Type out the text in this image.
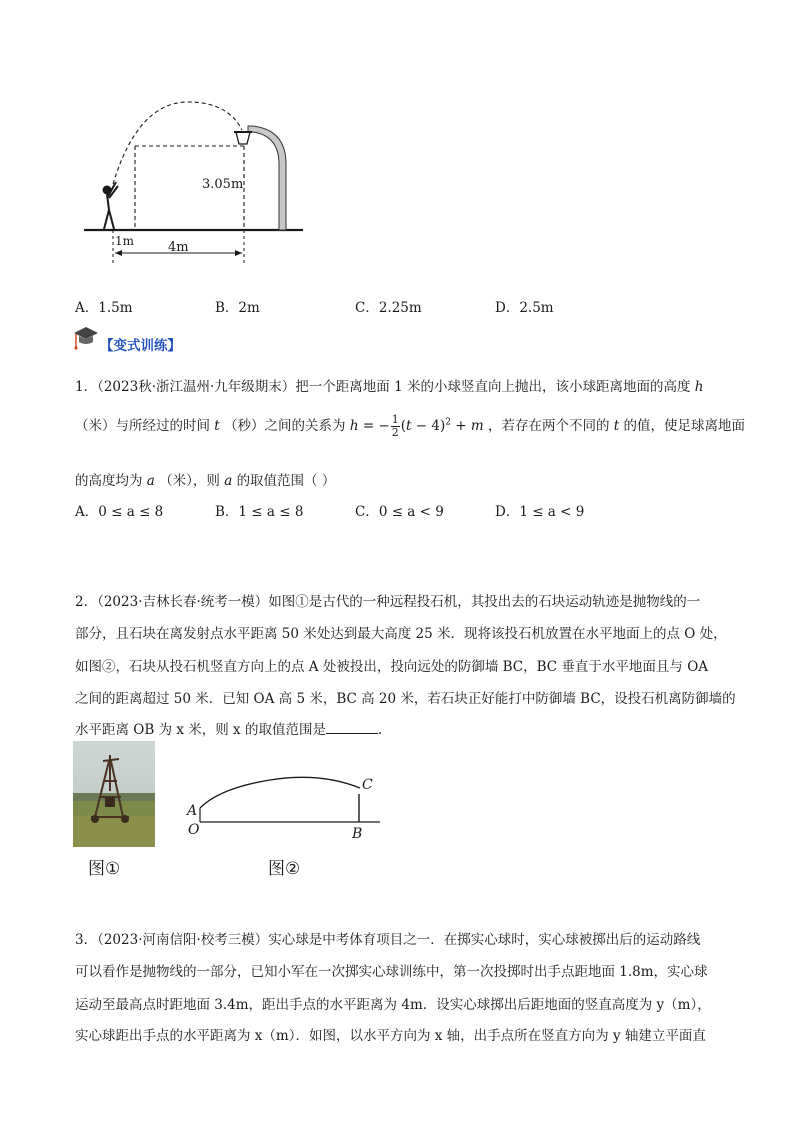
3.05m
1m	4m
A．1.5m	B．2m	C．2.25m	D．2.5m
【变式训练】
1．（2023秋·浙江温州·九年级期末）把一个距离地面 1 米的小球竖直向上抛出，该小球距离地面的高度 h
（米）与所经过的时间 t （秒）之间的关系为 h = − $\frac{1}{2} (t - 4)^2 + m$ ，若存在两个不同的 t 的值，使足球离地面
的高度均为 a （米），则 a 的取值范围（ ）
A．0 ≤ a ≤ 8	B．1 ≤ a ≤ 8	C．0 ≤ a < 9	D．1 ≤ a < 9
2．（2023·吉林长春·统考一模）如图①是古代的一种远程投石机，其投出去的石块运动轨迹是抛物线的一
部分，且石块在离发射点水平距离 50 米处达到最大高度 25 米．现将该投石机放置在水平地面上的点 O 处，
如图②，石块从投石机竖直方向上的点 A 处被投出，投向远处的防御墙 BC，BC 垂直于水平地面且与 OA
之间的距离超过 50 米．已知 OA 高 5 米，BC 高 20 米，若石块正好能打中防御墙 BC，设投石机离防御墙的
水平距离 OB 为 x 米，则 x 的取值范围是	．
A
O	B
C
图①	图②
3．（2023·河南信阳·校考三模）实心球是中考体育项目之一．在掷实心球时，实心球被掷出后的运动路线
可以看作是抛物线的一部分，已知小军在一次掷实心球训练中，第一次投掷时出手点距地面 1.8m，实心球
运动至最高点时距地面 3.4m，距出手点的水平距离为 4m．设实心球掷出后距地面的竖直高度为 y（m），
实心球距出手点的水平距离为 x（m）．如图，以水平方向为 x 轴，出手点所在竖直方向为 y 轴建立平面直
